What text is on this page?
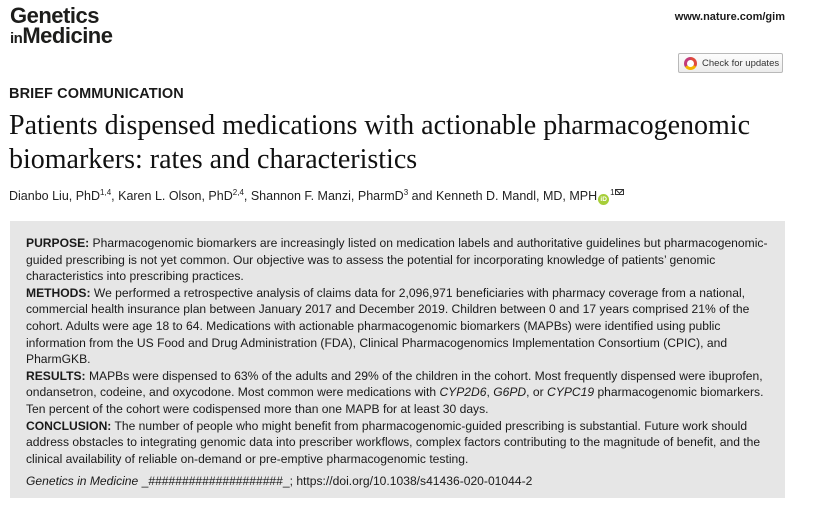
Genetics
inMedicine
www.nature.com/gim
Check for updates
BRIEF COMMUNICATION
Patients dispensed medications with actionable pharmacogenomic biomarkers: rates and characteristics
Dianbo Liu, PhD$^{1,4}$, Karen L. Olson, PhD$^{2,4}$, Shannon F. Manzi, PharmD$^3$ and Kenneth D. Mandl, MD, MPH $iD^1$

PURPOSE: Pharmacogenomic biomarkers are increasingly listed on medication labels and authoritative guidelines but pharmacogenomic-guided prescribing is not yet common. Our objective was to assess the potential for incorporating knowledge of patients’ genomic characteristics into prescribing practices.

METHODS: We performed a retrospective analysis of claims data for 2,096,971 beneficiaries with pharmacy coverage from a national, commercial health insurance plan between January 2017 and December 2019. Children between 0 and 17 years comprised 21% of the cohort. Adults were age 18 to 64. Medications with actionable pharmacogenomic biomarkers (MAPBs) were identified using public information from the US Food and Drug Administration (FDA), Clinical Pharmacogenomics Implementation Consortium (CPIC), and PharmGKB.

RESULTS: MAPBs were dispensed to 63% of the adults and 29% of the children in the cohort. Most frequently dispensed were ibuprofen, ondansetron, codeine, and oxycodone. Most common were medications with CYP2D6, G6PD, or CYPC19 pharmacogenomic biomarkers. Ten percent of the cohort were codispensed more than one MAPB for at least 30 days.

CONCLUSION: The number of people who might benefit from pharmacogenomic-guided prescribing is substantial. Future work should address obstacles to integrating genomic data into prescriber workflows, complex factors contributing to the magnitude of benefit, and the clinical availability of reliable on-demand or pre-emptive pharmacogenomic testing.

Genetics in Medicine _####################_; https://doi.org/10.1038/s41436-020-01044-2
